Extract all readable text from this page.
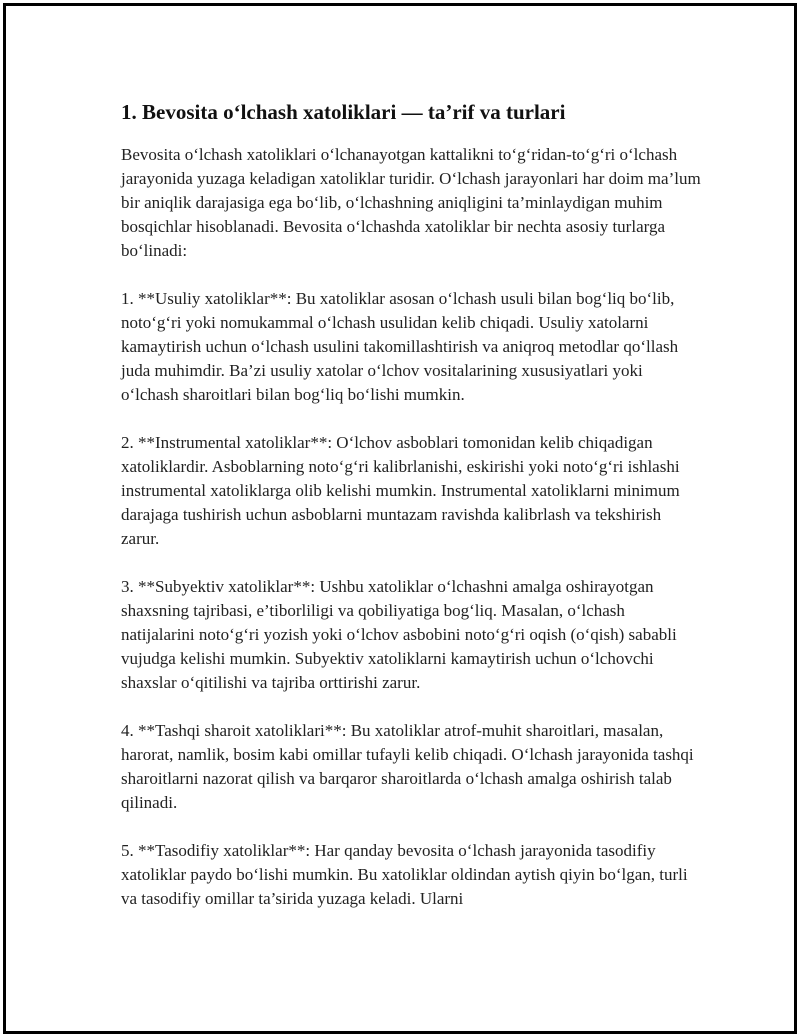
1. Bevosita o‘lchash xatoliklari — ta’rif va turlari

Bevosita o‘lchash xatoliklari o‘lchanayotgan kattalikni to‘g‘ridan-to‘g‘ri o‘lchash jarayonida yuzaga keladigan xatoliklar turidir. O‘lchash jarayonlari har doim ma’lum bir aniqlik darajasiga ega bo‘lib, o‘lchashning aniqligini ta’minlaydigan muhim bosqichlar hisoblanadi. Bevosita o‘lchashda xatoliklar bir nechta asosiy turlarga bo‘linadi:

1. **Usuliy xatoliklar**: Bu xatoliklar asosan o‘lchash usuli bilan bog‘liq bo‘lib, noto‘g‘ri yoki nomukammal o‘lchash usulidan kelib chiqadi. Usuliy xatolarni kamaytirish uchun o‘lchash usulini takomillashtirish va aniqroq metodlar qo‘llash juda muhimdir. Ba’zi usuliy xatolar o‘lchov vositalarining xususiyatlari yoki o‘lchash sharoitlari bilan bog‘liq bo‘lishi mumkin.

2. **Instrumental xatoliklar**: O‘lchov asboblari tomonidan kelib chiqadigan xatoliklardir. Asboblarning noto‘g‘ri kalibrlanishi, eskirishi yoki noto‘g‘ri ishlashi instrumental xatoliklarga olib kelishi mumkin. Instrumental xatoliklarni minimum darajaga tushirish uchun asboblarni muntazam ravishda kalibrlash va tekshirish zarur.

3. **Subyektiv xatoliklar**: Ushbu xatoliklar o‘lchashni amalga oshirayotgan shaxsning tajribasi, e’tiborliligi va qobiliyatiga bog‘liq. Masalan, o‘lchash natijalarini noto‘g‘ri yozish yoki o‘lchov asbobini noto‘g‘ri oqish (o‘qish) sababli vujudga kelishi mumkin. Subyektiv xatoliklarni kamaytirish uchun o‘lchovchi shaxslar o‘qitilishi va tajriba orttirishi zarur.

4. **Tashqi sharoit xatoliklari**: Bu xatoliklar atrof-muhit sharoitlari, masalan, harorat, namlik, bosim kabi omillar tufayli kelib chiqadi. O‘lchash jarayonida tashqi sharoitlarni nazorat qilish va barqaror sharoitlarda o‘lchash amalga oshirish talab qilinadi.

5. **Tasodifiy xatoliklar**: Har qanday bevosita o‘lchash jarayonida tasodifiy xatoliklar paydo bo‘lishi mumkin. Bu xatoliklar oldindan aytish qiyin bo‘lgan, turli va tasodifiy omillar ta’sirida yuzaga keladi. Ularni
